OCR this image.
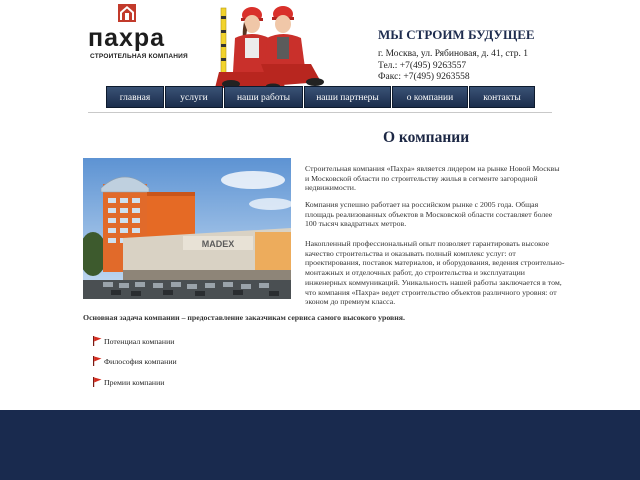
пахра
СТРОИТЕЛЬНАЯ КОМПАНИЯ
МЫ СТРОИМ БУДУЩЕЕ
г. Москва, ул. Рябиновая, д. 41, стр. 1
Тел.: +7(495) 9263557
Факс: +7(495) 9263558
главная	услуги	наши работы	наши партнеры	о компании	контакты
О компании
MADEX
Строительная компания «Пахра» является лидером на рынке Новой Москвы и Московской области по строительству жилья в сегменте загородной недвижимости.
Компания успешно работает на российском рынке с 2005 года. Общая площадь реализованных объектов в Московской области составляет более 100 тысяч квадратных метров.
Накопленный профессиональный опыт позволяет гарантировать высокое качество строительства и оказывать полный комплекс услуг: от проектирования, поставок материалов, и оборудования, ведения строительно-монтажных и отделочных работ, до строительства и эксплуатации инженерных коммуникаций. Уникальность нашей работы заключается в том, что компания «Пахра» ведет строительство объектов различного уровня: от эконом до премиум класса.
Основная задача компании – предоставление заказчикам сервиса самого высокого уровня.
Потенциал компании
Философия компании
Премии компании
